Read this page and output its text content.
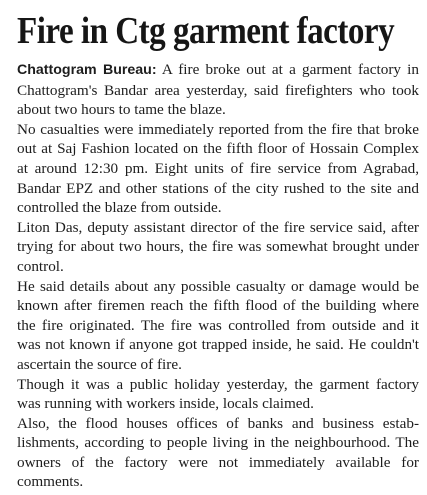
Fire in Ctg garment factory

Chattogram Bureau: A fire broke out at a garment factory in Chattogram's Bandar area yesterday, said firefighters who took about two hours to tame the blaze.

No casualties were immediately reported from the fire that broke out at Saj Fashion located on the fifth floor of Hossain Complex at around 12:30 pm. Eight units of fire service from Agrabad, Bandar EPZ and other stations of the city rushed to the site and controlled the blaze from outside.

Liton Das, deputy assistant director of the fire service said, after trying for about two hours, the fire was somewhat brought under control.

He said details about any possible casualty or damage would be known after firemen reach the fifth flood of the building where the fire originated. The fire was controlled from outside and it was not known if anyone got trapped inside, he said. He couldn't ascertain the source of fire.

Though it was a public holiday yesterday, the garment factory was running with workers inside, locals claimed.

Also, the flood houses offices of banks and business establishments, according to people living in the neighbourhood. The owners of the factory were not immediately available for comments.
